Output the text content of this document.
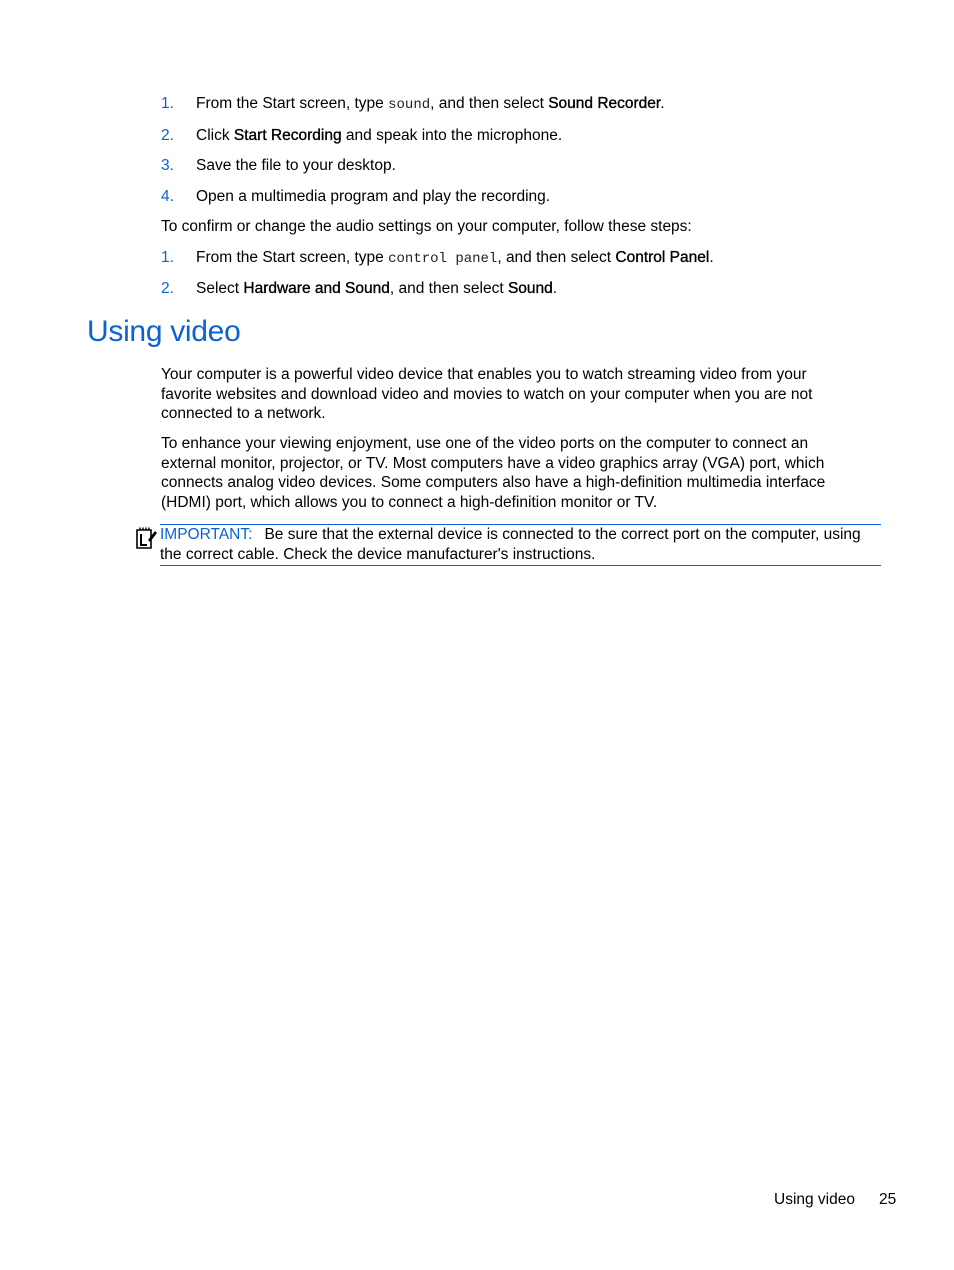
1. From the Start screen, type sound, and then select Sound Recorder.
2. Click Start Recording and speak into the microphone.
3. Save the file to your desktop.
4. Open a multimedia program and play the recording.
To confirm or change the audio settings on your computer, follow these steps:
1. From the Start screen, type control panel, and then select Control Panel.
2. Select Hardware and Sound, and then select Sound.
Using video

Your computer is a powerful video device that enables you to watch streaming video from your favorite websites and download video and movies to watch on your computer when you are not connected to a network.

To enhance your viewing enjoyment, use one of the video ports on the computer to connect an external monitor, projector, or TV. Most computers have a video graphics array (VGA) port, which connects analog video devices. Some computers also have a high-definition multimedia interface (HDMI) port, which allows you to connect a high-definition monitor or TV.

IMPORTANT: Be sure that the external device is connected to the correct port on the computer, using the correct cable. Check the device manufacturer's instructions.
Using video 25
